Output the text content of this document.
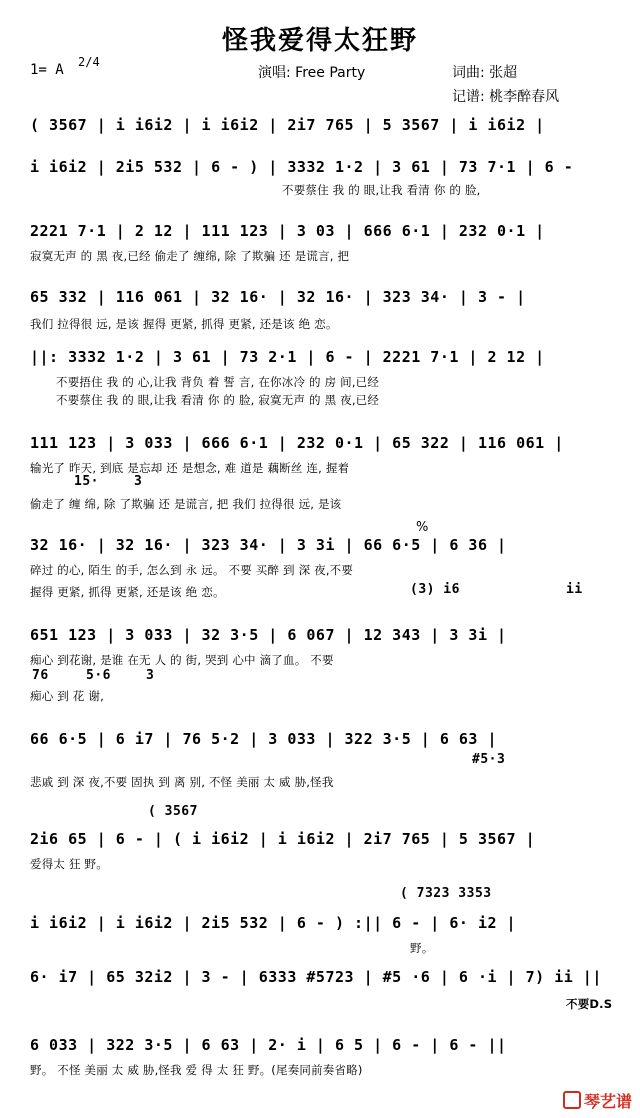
怪我爱得太狂野
1= A 2/4
演唱: Free Party	词曲: 张超
记谱: 桃李醉春风
( 3567 | i i6i2 | i i6i2 | 2i7 765 | 5 3567 | i i6i2 |
i i6i2 | 2i5 532 | 6 - ) | 3332 1·2 | 3 61 | 73 7·1 | 6 -
不要蔡住 我 的 眼,让我 看清 你 的 脸,
2221 7·1 | 2 12 | 111 123 | 3 03 | 666 6·1 | 232 0·1 |
寂寞无声 的 黑 夜,已经 偷走了 缠绵, 除 了欺骗 还 是谎言, 把
65 332 | 116 061 | 32 16· | 32 16· | 323 34· | 3 - |
我们 拉得很 远, 是该 握得 更紧, 抓得 更紧, 还是该 绝 恋。
||: 3332 1·2 | 3 61 | 73 2·1 | 6 - | 2221 7·1 | 2 12 |
不要捂住 我 的 心,让我 背负 着 誓 言, 在你冰冷 的 房 间,已经
不要蔡住 我 的 眼,让我 看清 你 的 脸, 寂寞无声 的 黑 夜,已经
111 123 | 3 033 | 666 6·1 | 232 0·1 | 65 322 | 116 061 |
输光了 昨天, 到底 是忘却 还 是想念, 难 道是 藕断丝 连, 握着
15·	3
偷走了 缠 绵, 除 了欺骗 还 是谎言, 把 我们 拉得很 远, 是该
%
32 16· | 32 16· | 323 34· | 3 3i | 66 6·5 | 6 36 |
碎过 的心, 陌生 的手, 怎么到 永 远。 不要 买醉 到 深 夜,不要
握得 更紧, 抓得 更紧, 还是该 绝 恋。	(3) i6	ii
651 123 | 3 033 | 32 3·5 | 6 067 | 12 343 | 3 3i |
痴心 到花谢, 是谁 在无 人 的 街, 哭到 心中 滴了血。 不要
76	5·6	3
痴心 到 花 谢,
66 6·5 | 6 i7 | 76 5·2 | 3 033 | 322 3·5 | 6 63 |
#5·3
悲戚 到 深 夜,不要 固执 到 离 别, 不怪 美丽 太 威 胁,怪我
( 3567
2i6 65 | 6 - | ( i i6i2 | i i6i2 | 2i7 765 | 5 3567 |
爱得太 狂 野。
( 7323 3353
i i6i2 | i i6i2 | 2i5 532 | 6 - ) :|| 6 - | 6· i2 |
野。
6· i7 | 65 32i2 | 3 - | 6333 #5723 | #5 ·6 | 6 ·i | 7) ii ||
不要D.S
6 033 | 322 3·5 | 6 63 | 2· i | 6 5 | 6 - | 6 - ||
野。 不怪 美丽 太 威 胁,怪我 爱 得 太 狂 野。(尾奏同前奏省略)
琴艺谱
